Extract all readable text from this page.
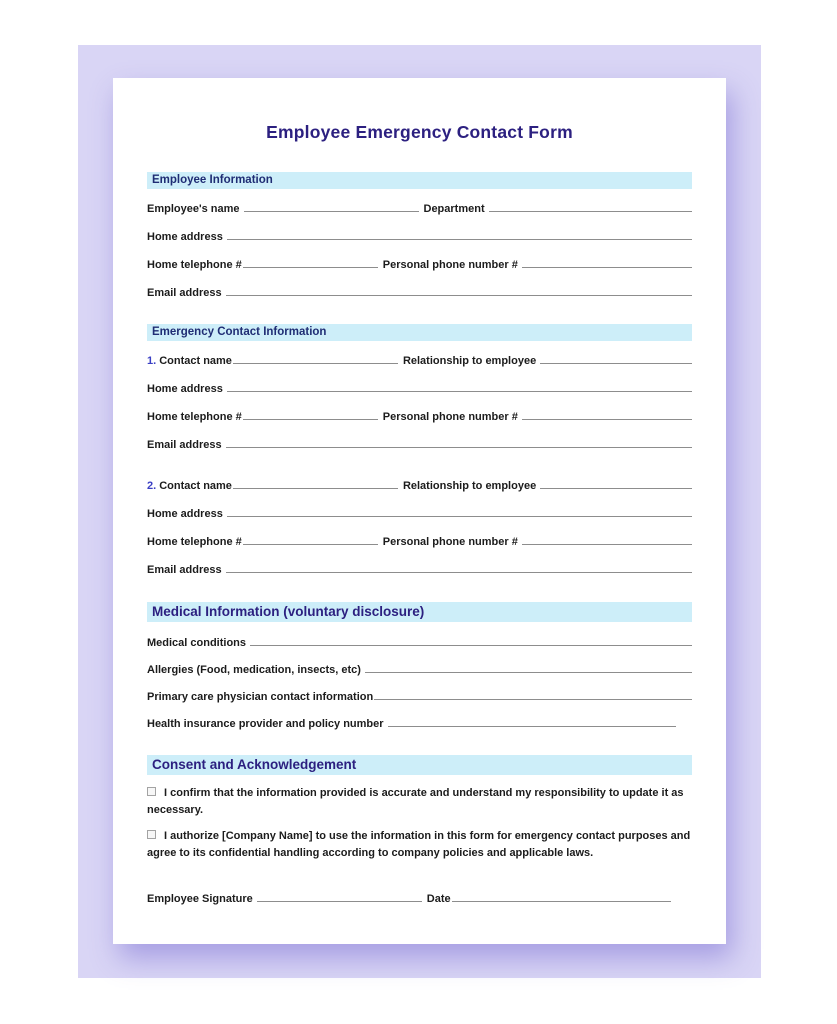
Employee Emergency Contact Form
Employee Information
Employee's name	Department
Home address
Home telephone #	Personal phone number #
Email address
Emergency Contact Information
1. Contact name	Relationship to employee
Home address
Home telephone #	Personal phone number #
Email address
2. Contact name	Relationship to employee
Home address
Home telephone #	Personal phone number #
Email address
Medical Information (voluntary disclosure)
Medical conditions
Allergies (Food, medication, insects, etc)
Primary care physician contact information
Health insurance provider and policy number
Consent and Acknowledgement

I confirm that the information provided is accurate and understand my responsibility to update it as necessary.

I authorize [Company Name] to use the information in this form for emergency contact purposes and agree to its confidential handling according to company policies and applicable laws.

Employee Signature	Date
